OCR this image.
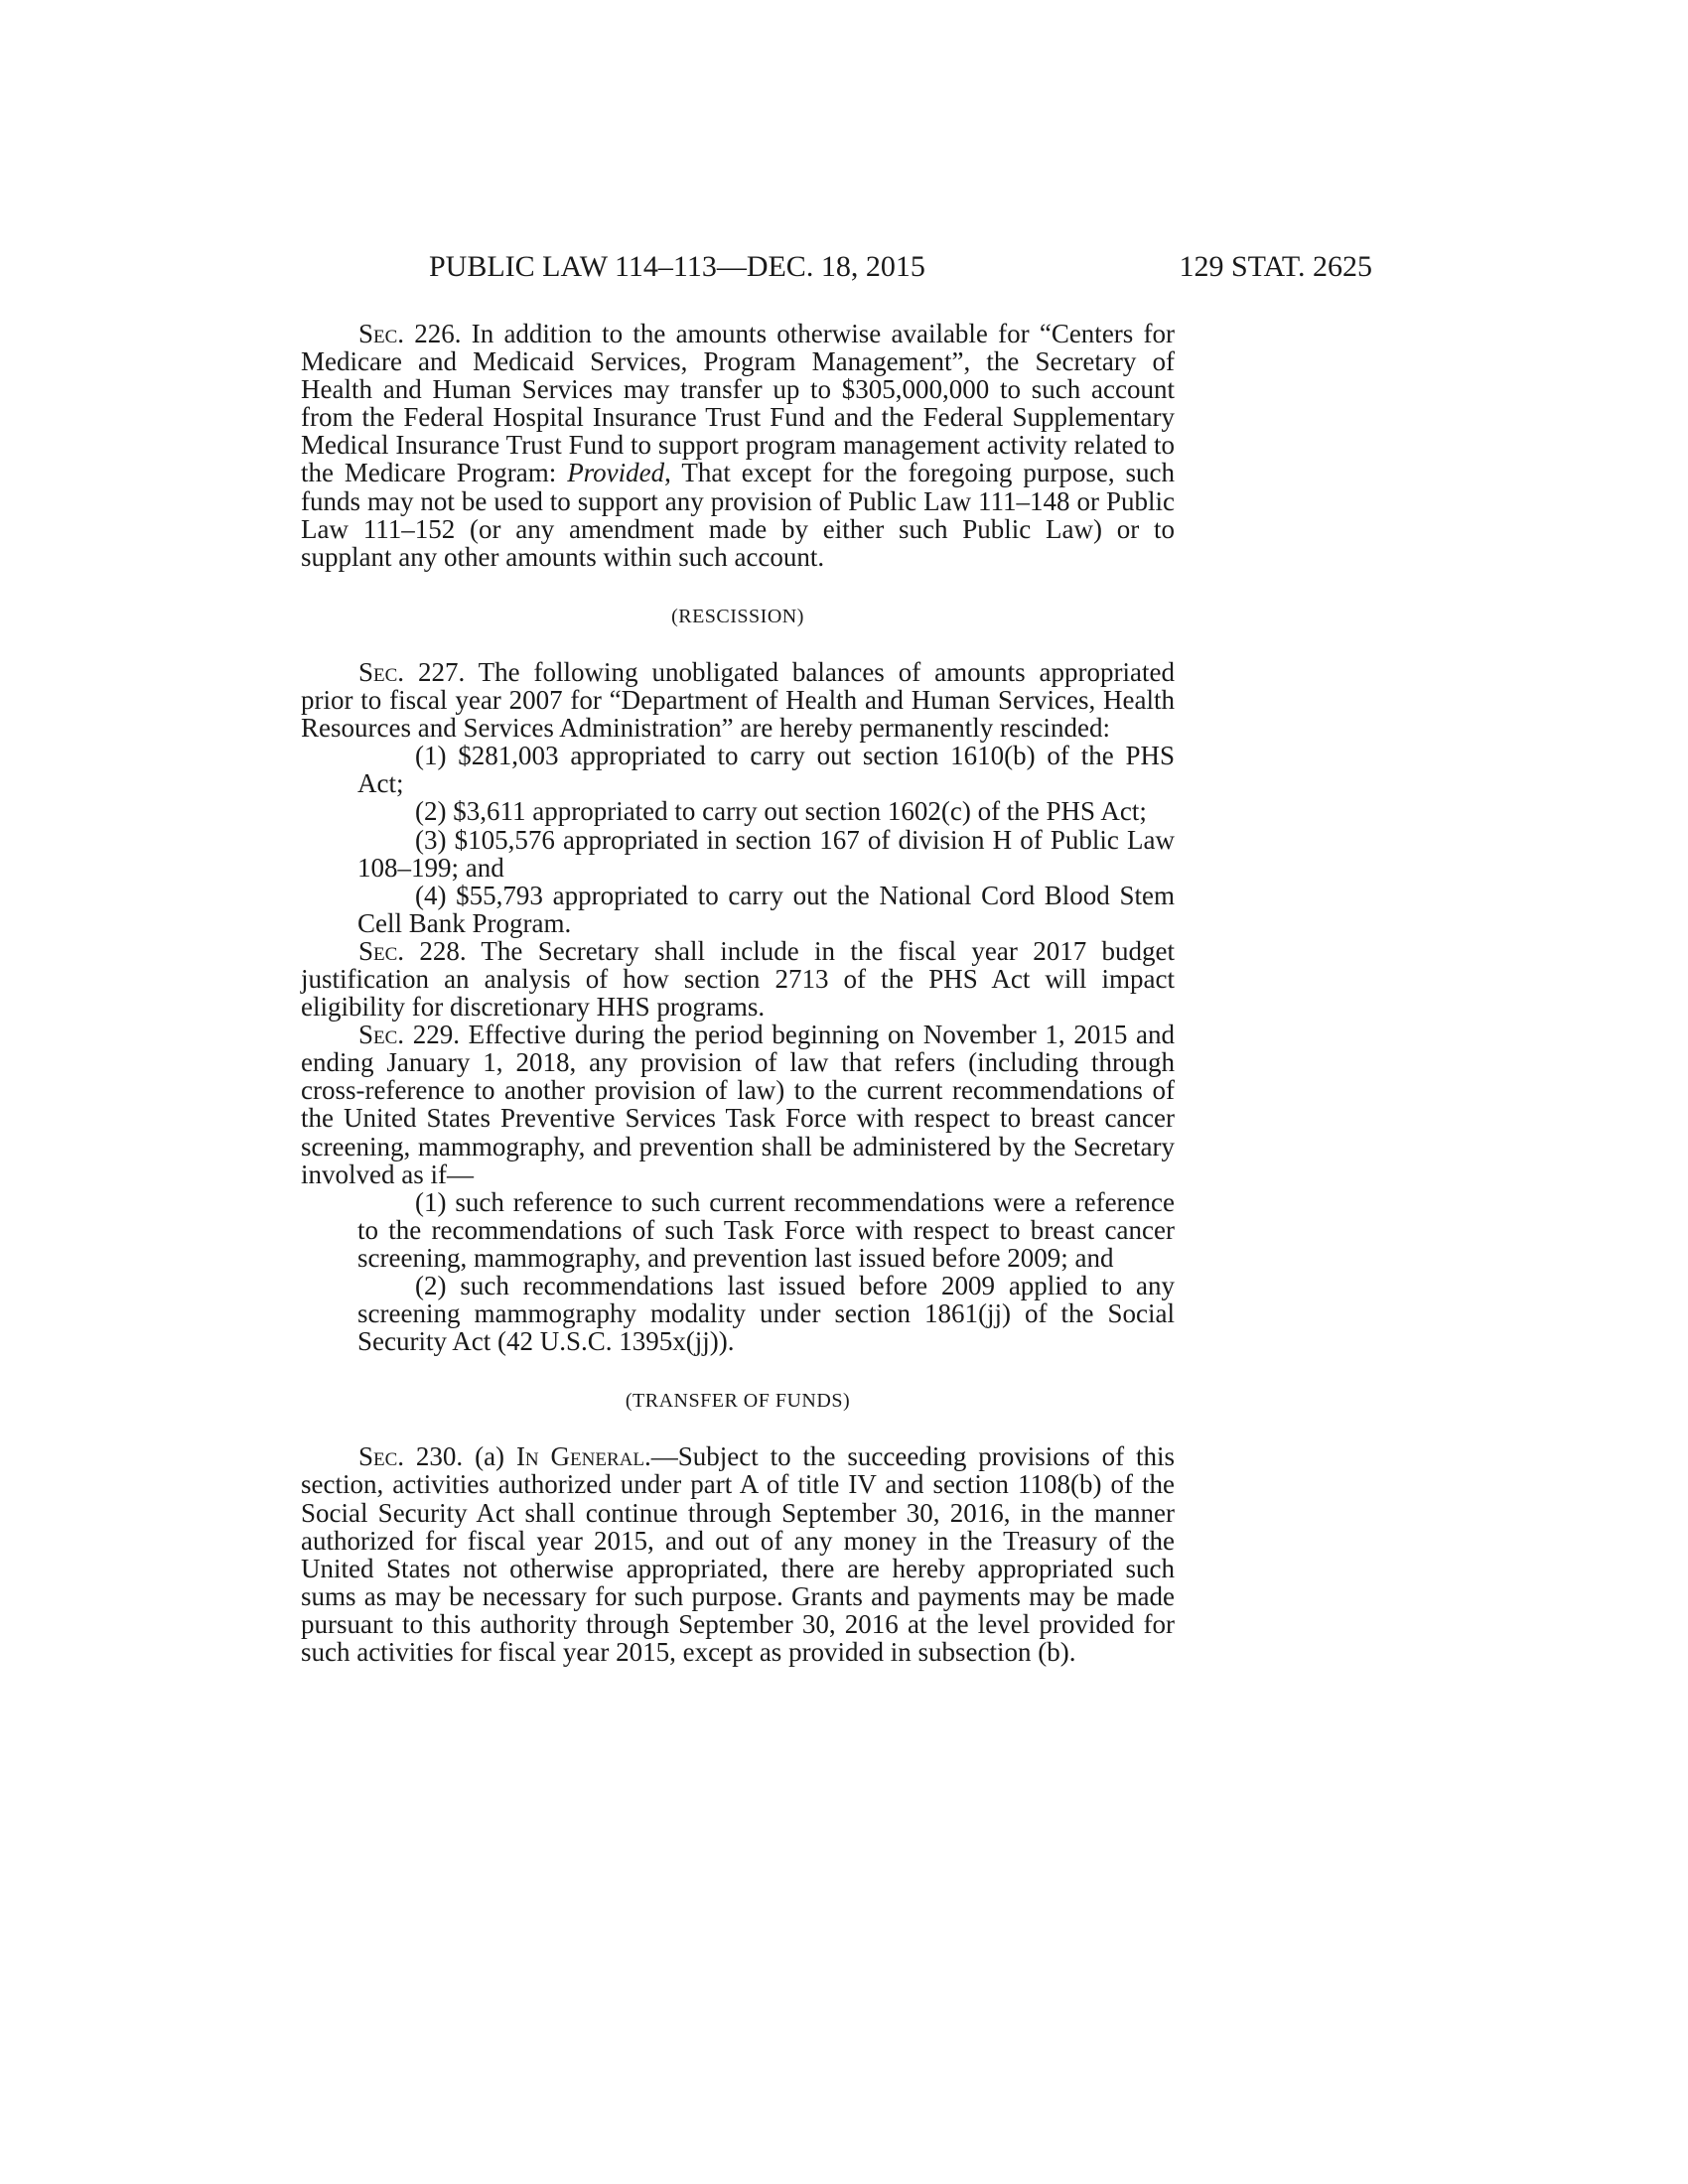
PUBLIC LAW 114–113—DEC. 18, 2015	129 STAT. 2625

Sec. 226. In addition to the amounts otherwise available for “Centers for Medicare and Medicaid Services, Program Management”, the Secretary of Health and Human Services may transfer up to $305,000,000 to such account from the Federal Hospital Insurance Trust Fund and the Federal Supplementary Medical Insurance Trust Fund to support program management activity related to the Medicare Program: Provided, That except for the foregoing purpose, such funds may not be used to support any provision of Public Law 111–148 or Public Law 111–152 (or any amendment made by either such Public Law) or to supplant any other amounts within such account.

(RESCISSION)

Sec. 227. The following unobligated balances of amounts appropriated prior to fiscal year 2007 for “Department of Health and Human Services, Health Resources and Services Administration” are hereby permanently rescinded:

(1) $281,003 appropriated to carry out section 1610(b) of the PHS Act;

(2) $3,611 appropriated to carry out section 1602(c) of the PHS Act;

(3) $105,576 appropriated in section 167 of division H of Public Law 108–199; and

(4) $55,793 appropriated to carry out the National Cord Blood Stem Cell Bank Program.

Sec. 228. The Secretary shall include in the fiscal year 2017 budget justification an analysis of how section 2713 of the PHS Act will impact eligibility for discretionary HHS programs.

Sec. 229. Effective during the period beginning on November 1, 2015 and ending January 1, 2018, any provision of law that refers (including through cross-reference to another provision of law) to the current recommendations of the United States Preventive Services Task Force with respect to breast cancer screening, mammography, and prevention shall be administered by the Secretary involved as if—

(1) such reference to such current recommendations were a reference to the recommendations of such Task Force with respect to breast cancer screening, mammography, and prevention last issued before 2009; and

(2) such recommendations last issued before 2009 applied to any screening mammography modality under section 1861(jj) of the Social Security Act (42 U.S.C. 1395x(jj)).

(TRANSFER OF FUNDS)

Sec. 230. (a) In General.—Subject to the succeeding provisions of this section, activities authorized under part A of title IV and section 1108(b) of the Social Security Act shall continue through September 30, 2016, in the manner authorized for fiscal year 2015, and out of any money in the Treasury of the United States not otherwise appropriated, there are hereby appropriated such sums as may be necessary for such purpose. Grants and payments may be made pursuant to this authority through September 30, 2016 at the level provided for such activities for fiscal year 2015, except as provided in subsection (b).
